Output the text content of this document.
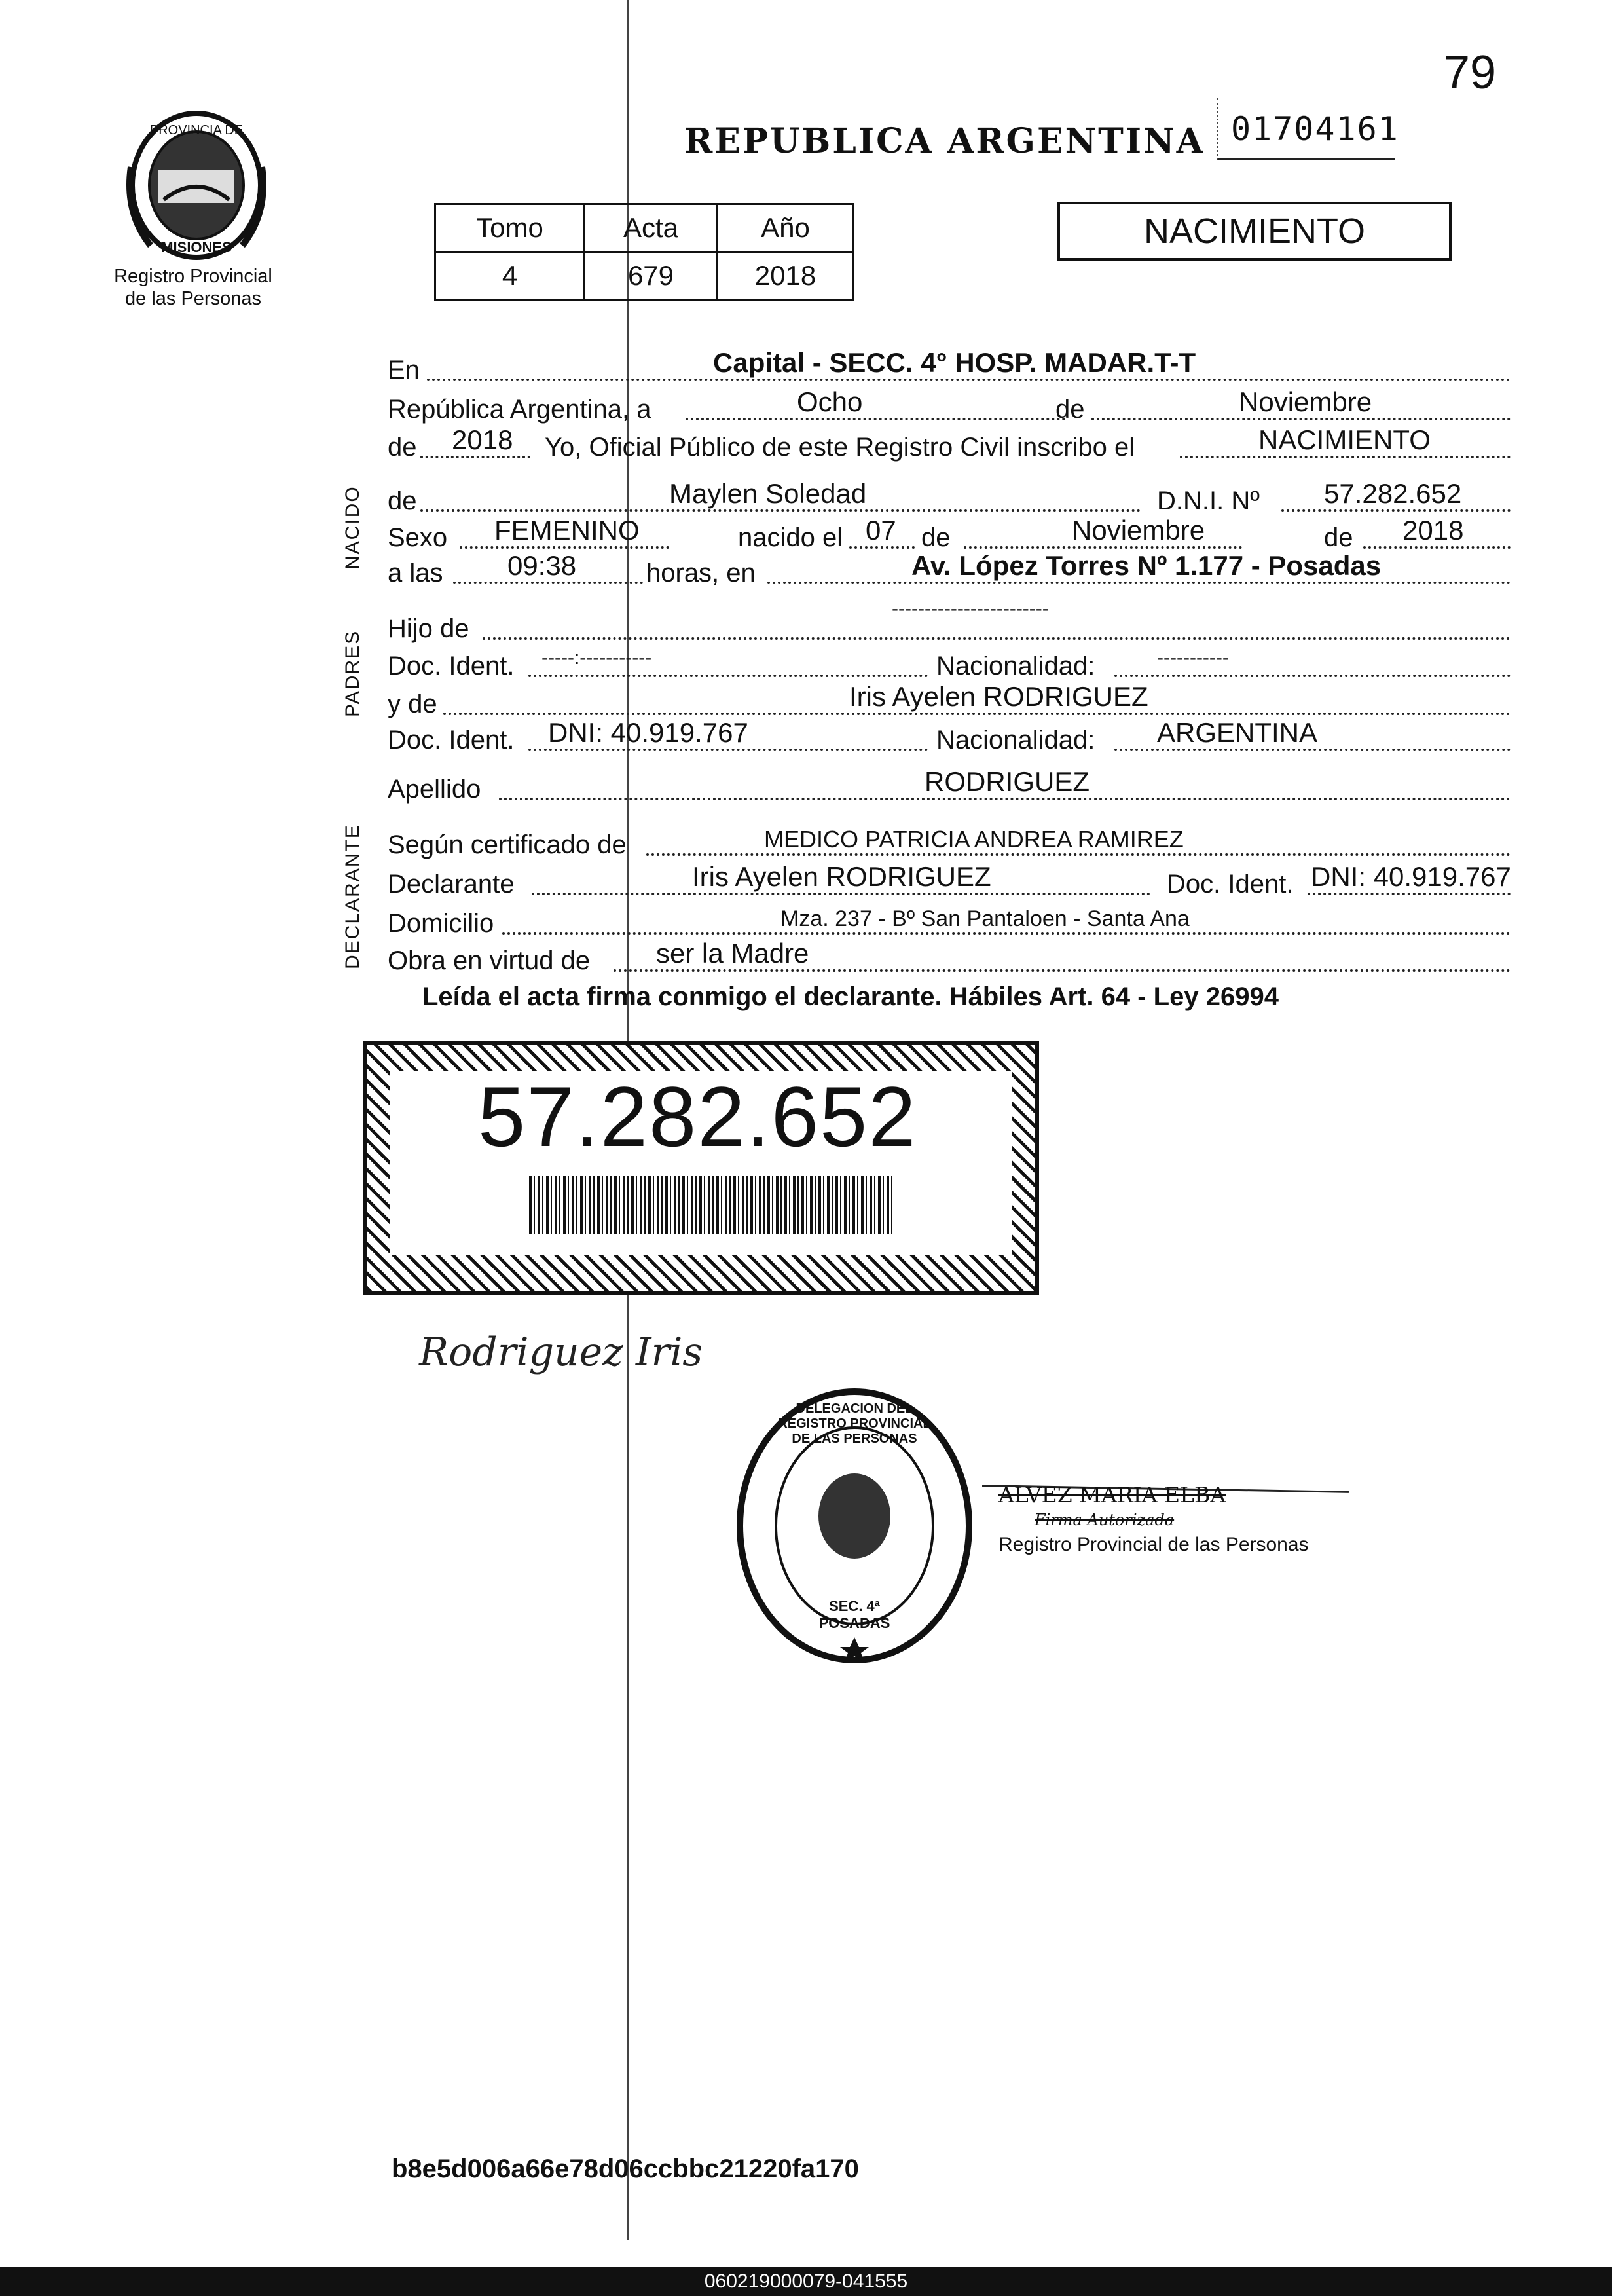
79
01704161
REPUBLICA ARGENTINA
PROVINCIA DE
MISIONES
Registro Provincial
de las Personas
Tomo	Acta	Año
4	679	2018
NACIMIENTO
NACIDO
PADRES
DECLARANTE
En	Capital - SECC. 4° HOSP. MADAR.T-T
República Argentina, a	Ocho	de	Noviembre
de 2018 Yo, Oficial Público de este Registro Civil inscribo el	NACIMIENTO
de	Maylen Soledad	D.N.I. Nº 57.282.652
Sexo FEMENINO	nacido el 07 de	Noviembre	de 2018
a las 09:38	horas, en	Av. López Torres Nº 1.177 - Posadas
Hijo de
------------------------
Doc. Ident. -----:-----------	Nacionalidad:	-----------
y de	Iris Ayelen RODRIGUEZ
Doc. Ident. DNI: 40.919.767	Nacionalidad: ARGENTINA
Apellido	RODRIGUEZ
Según certificado de	MEDICO PATRICIA ANDREA RAMIREZ
Declarante	Iris Ayelen RODRIGUEZ	Doc. Ident. DNI: 40.919.767
Domicilio	Mza. 237 - Bº San Pantaloen - Santa Ana
Obra en virtud de ser la Madre
Leída el acta firma conmigo el declarante. Hábiles Art. 64 - Ley 26994
57.282.652
Rodriguez Iris
DELEGACION DEL REGISTRO PROVINCIAL DE LAS PERSONAS
SEC. 4ª POSADAS
ALVEZ MARIA ELBA
Firma Autorizada
Registro Provincial de las Personas
b8e5d006a66e78d06ccbbc21220fa170
060219000079-041555
